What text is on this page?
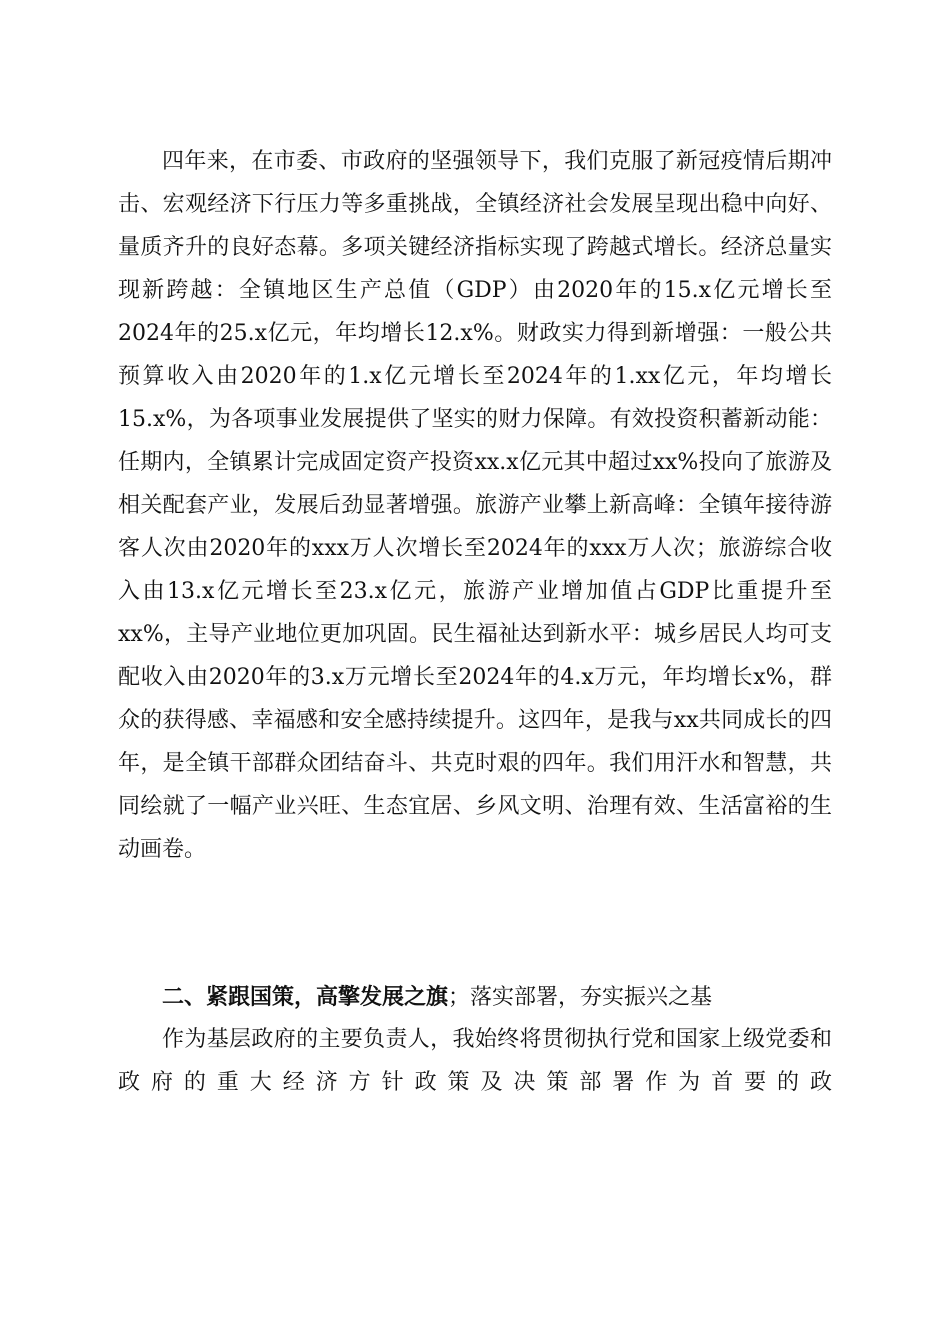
四年来，在市委、市政府的坚强领导下，我们克服了新冠疫情后期冲击、宏观经济下行压力等多重挑战，全镇经济社会发展呈现出稳中向好、量质齐升的良好态幕。多项关键经济指标实现了跨越式增长。经济总量实现新跨越：全镇地区生产总值（GDP）由2020年的15.x亿元增长至2024年的25.x亿元，年均增长12.x%。财政实力得到新增强：一般公共预算收入由2020年的1.x亿元增长至2024年的1.xx亿元，年均增长15.x%，为各项事业发展提供了坚实的财力保障。有效投资积蓄新动能：任期内，全镇累计完成固定资产投资xx.x亿元其中超过xx%投向了旅游及相关配套产业，发展后劲显著增强。旅游产业攀上新高峰：全镇年接待游客人次由2020年的xxx万人次增长至2024年的xxx万人次；旅游综合收入由13.x亿元增长至23.x亿元，旅游产业增加值占GDP比重提升至xx%，主导产业地位更加巩固。民生福祉达到新水平：城乡居民人均可支配收入由2020年的3.x万元增长至2024年的4.x万元，年均增长x%，群众的获得感、幸福感和安全感持续提升。这四年，是我与xx共同成长的四年，是全镇干部群众团结奋斗、共克时艰的四年。我们用汗水和智慧，共同绘就了一幅产业兴旺、生态宜居、乡风文明、治理有效、生活富裕的生动画卷。

二、紧跟国策，高擎发展之旗；落实部署，夯实振兴之基

作为基层政府的主要负责人，我始终将贯彻执行党和国家上级党委和政府的重大经济方针政策及决策部署作为首要的政
